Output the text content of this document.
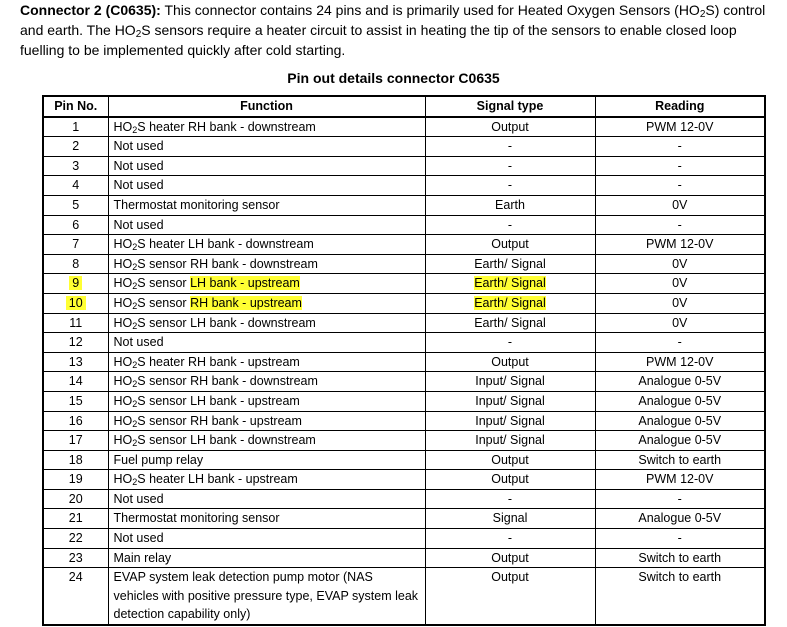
Connector 2 (C0635): This connector contains 24 pins and is primarily used for Heated Oxygen Sensors $(HO_2S)$ control and earth. The $HO_2S$ sensors require a heater circuit to assist in heating the tip of the sensors to enable closed loop fuelling to be implemented quickly after cold starting.
Pin out details connector C0635
Pin No.	Function	Signal type	Reading
1	$HO_2S$ heater RH bank - downstream	Output	PWM 12-0V
2	Not used	-	-
3	Not used	-	-
4	Not used	-	-
5	Thermostat monitoring sensor	Earth	0V
6	Not used	-	-
7	$HO_2S$ heater LH bank - downstream	Output	PWM 12-0V
8	$HO_2S$ sensor RH bank - downstream	Earth/ Signal	0V
9	$HO_2S$ sensor LH bank - upstream	Earth/ Signal	0V
10	$HO_2S$ sensor RH bank - upstream	Earth/ Signal	0V
11	$HO_2S$ sensor LH bank - downstream	Earth/ Signal	0V
12	Not used	-	-
13	$HO_2S$ heater RH bank - upstream	Output	PWM 12-0V
14	$HO_2S$ sensor RH bank - downstream	Input/ Signal	Analogue 0-5V
15	$HO_2S$ sensor LH bank - upstream	Input/ Signal	Analogue 0-5V
16	$HO_2S$ sensor RH bank - upstream	Input/ Signal	Analogue 0-5V
17	$HO_2S$ sensor LH bank - downstream	Input/ Signal	Analogue 0-5V
18	Fuel pump relay	Output	Switch to earth
19	$HO_2S$ heater LH bank - upstream	Output	PWM 12-0V
20	Not used	-	-
21	Thermostat monitoring sensor	Signal	Analogue 0-5V
22	Not used	-	-
23	Main relay	Output	Switch to earth
24	EVAP system leak detection pump motor (NAS vehicles with positive pressure type, EVAP system leak detection capability only)	Output	Switch to earth
